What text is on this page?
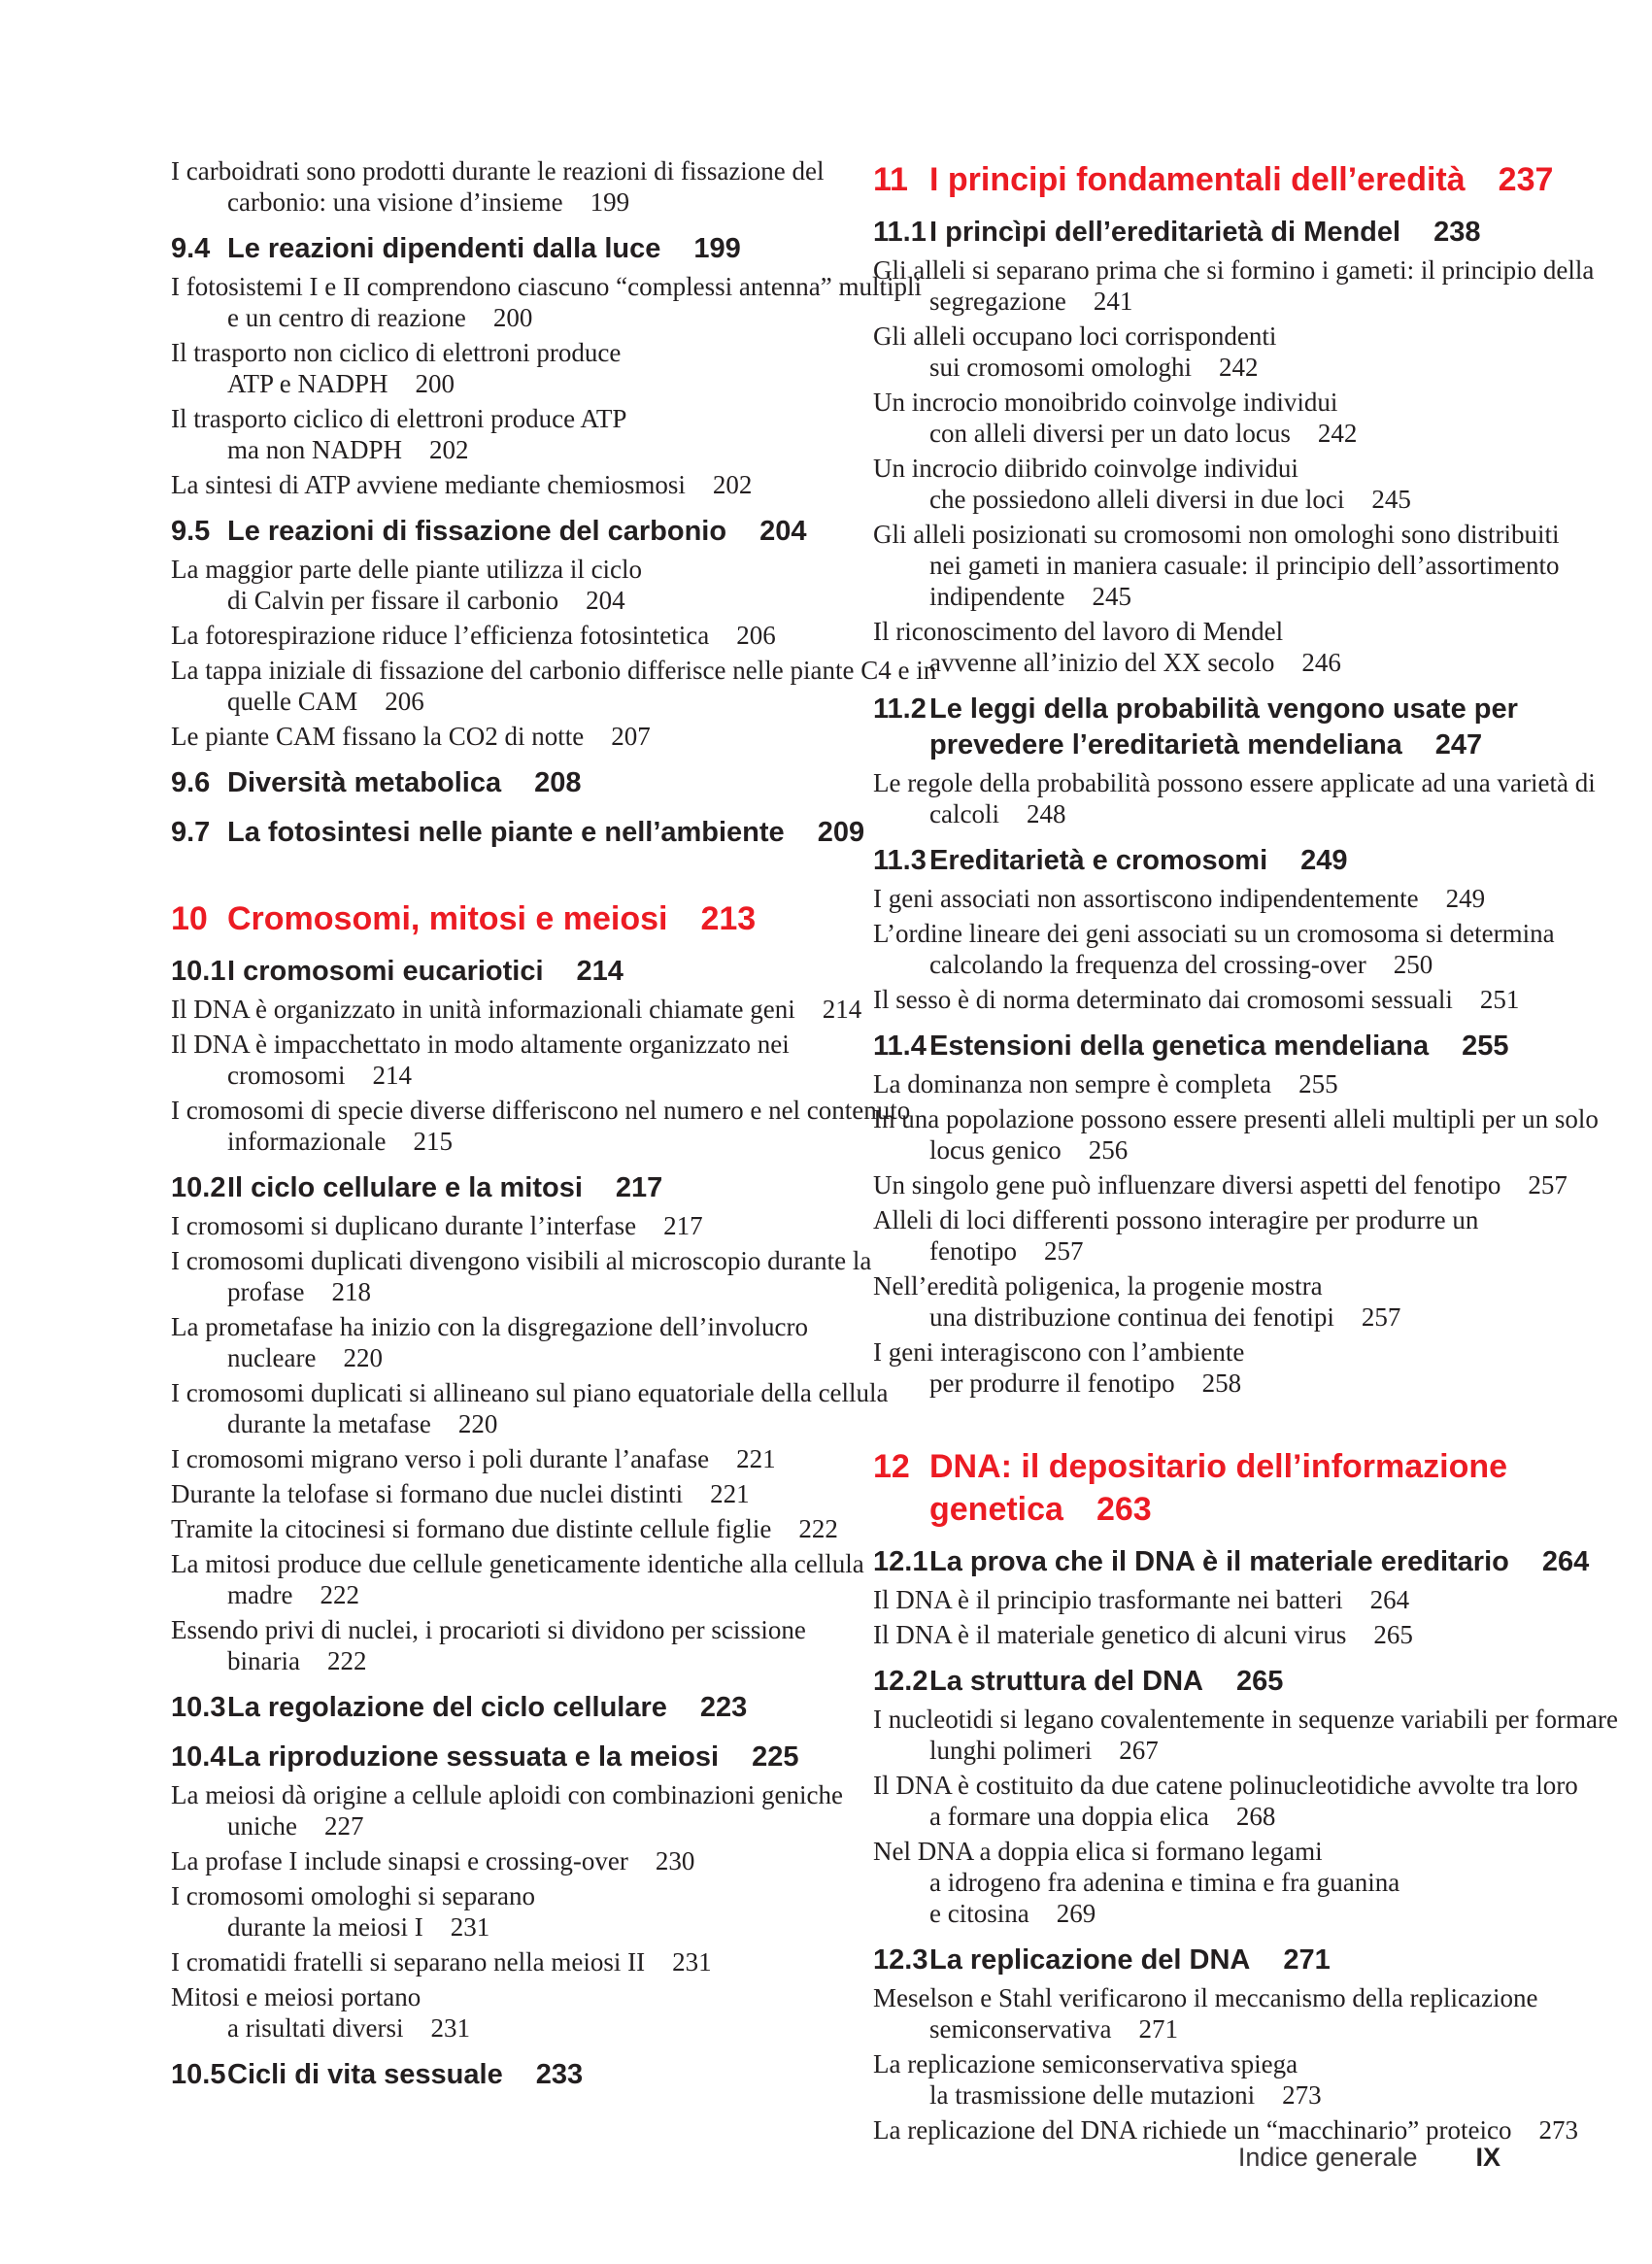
I carboidrati sono prodotti durante le reazioni di fissazione del
carbonio: una visione d’insieme 199
9.4 Le reazioni dipendenti dalla luce 199
I fotosistemi I e II comprendono ciascuno “complessi antenna” multipli
e un centro di reazione 200
Il trasporto non ciclico di elettroni produce
ATP e NADPH 200
Il trasporto ciclico di elettroni produce ATP
ma non NADPH 202
La sintesi di ATP avviene mediante chemiosmosi 202
9.5 Le reazioni di fissazione del carbonio 204
La maggior parte delle piante utilizza il ciclo
di Calvin per fissare il carbonio 204
La fotorespirazione riduce l’efficienza fotosintetica 206
La tappa iniziale di fissazione del carbonio differisce nelle piante C4 e in
quelle CAM 206
Le piante CAM fissano la CO2 di notte 207
9.6 Diversità metabolica 208
9.7 La fotosintesi nelle piante e nell’ambiente 209
10 Cromosomi, mitosi e meiosi 213
10.1I cromosomi eucariotici 214
Il DNA è organizzato in unità informazionali chiamate geni 214
Il DNA è impacchettato in modo altamente organizzato nei
cromosomi 214
I cromosomi di specie diverse differiscono nel numero e nel contenuto
informazionale 215
10.2Il ciclo cellulare e la mitosi 217
I cromosomi si duplicano durante l’interfase 217
I cromosomi duplicati divengono visibili al microscopio durante la
profase 218
La prometafase ha inizio con la disgregazione dell’involucro
nucleare 220
I cromosomi duplicati si allineano sul piano equatoriale della cellula
durante la metafase 220
I cromosomi migrano verso i poli durante l’anafase 221
Durante la telofase si formano due nuclei distinti 221
Tramite la citocinesi si formano due distinte cellule figlie 222
La mitosi produce due cellule geneticamente identiche alla cellula
madre 222
Essendo privi di nuclei, i procarioti si dividono per scissione
binaria 222
10.3La regolazione del ciclo cellulare 223
10.4La riproduzione sessuata e la meiosi 225
La meiosi dà origine a cellule aploidi con combinazioni geniche
uniche 227
La profase I include sinapsi e crossing-over 230
I cromosomi omologhi si separano
durante la meiosi I 231
I cromatidi fratelli si separano nella meiosi II 231
Mitosi e meiosi portano
a risultati diversi 231
10.5Cicli di vita sessuale 233
11 I principi fondamentali dell’eredità 237
11.1 I princìpi dell’ereditarietà di Mendel 238
Gli alleli si separano prima che si formino i gameti: il principio della
segregazione 241
Gli alleli occupano loci corrispondenti
sui cromosomi omologhi 242
Un incrocio monoibrido coinvolge individui
con alleli diversi per un dato locus 242
Un incrocio diibrido coinvolge individui
che possiedono alleli diversi in due loci 245
Gli alleli posizionati su cromosomi non omologhi sono distribuiti
nei gameti in maniera casuale: il principio dell’assortimento
indipendente 245
Il riconoscimento del lavoro di Mendel
avvenne all’inizio del XX secolo 246
11.2 Le leggi della probabilità vengono usate per
prevedere l’ereditarietà mendeliana 247
Le regole della probabilità possono essere applicate ad una varietà di
calcoli 248
11.3 Ereditarietà e cromosomi 249
I geni associati non assortiscono indipendentemente 249
L’ordine lineare dei geni associati su un cromosoma si determina
calcolando la frequenza del crossing-over 250
Il sesso è di norma determinato dai cromosomi sessuali 251
11.4 Estensioni della genetica mendeliana 255
La dominanza non sempre è completa 255
In una popolazione possono essere presenti alleli multipli per un solo
locus genico 256
Un singolo gene può influenzare diversi aspetti del fenotipo 257
Alleli di loci differenti possono interagire per produrre un
fenotipo 257
Nell’eredità poligenica, la progenie mostra
una distribuzione continua dei fenotipi 257
I geni interagiscono con l’ambiente
per produrre il fenotipo 258
12 DNA: il depositario dell’informazione
genetica 263
12.1La prova che il DNA è il materiale ereditario 264
Il DNA è il principio trasformante nei batteri 264
Il DNA è il materiale genetico di alcuni virus 265
12.2La struttura del DNA 265
I nucleotidi si legano covalentemente in sequenze variabili per formare
lunghi polimeri 267
Il DNA è costituito da due catene polinucleotidiche avvolte tra loro
a formare una doppia elica 268
Nel DNA a doppia elica si formano legami
a idrogeno fra adenina e timina e fra guanina
e citosina 269
12.3La replicazione del DNA 271
Meselson e Stahl verificarono il meccanismo della replicazione
semiconservativa 271
La replicazione semiconservativa spiega
la trasmissione delle mutazioni 273
La replicazione del DNA richiede un “macchinario” proteico 273
Indice generale IX
